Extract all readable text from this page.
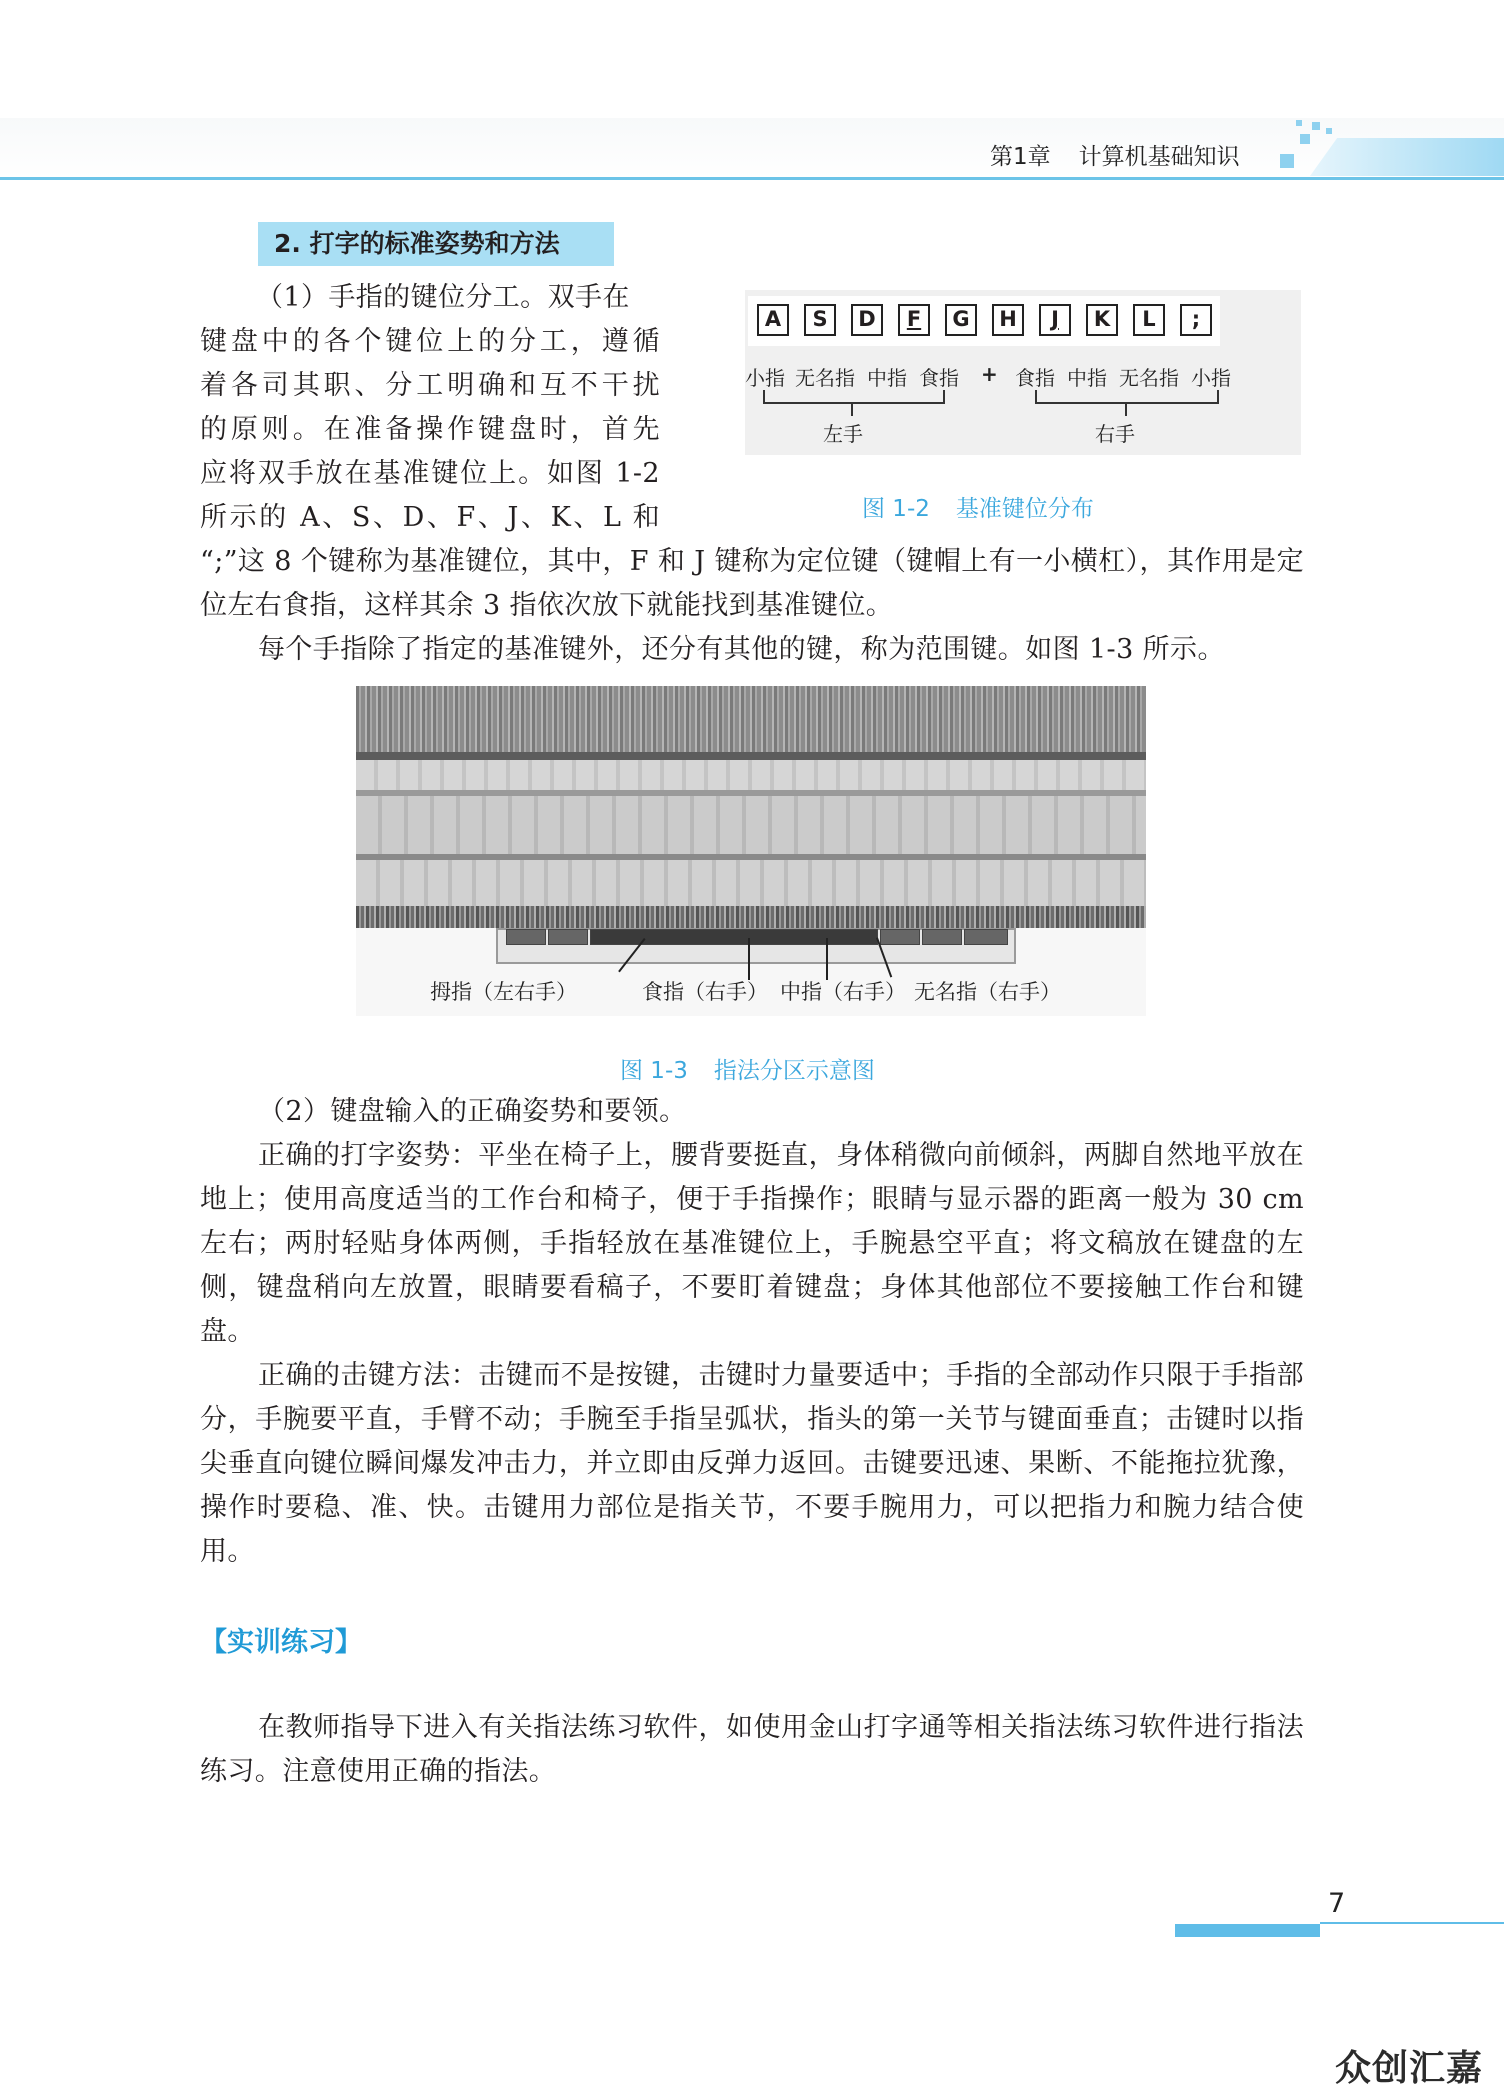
第1章 计算机基础知识
2. 打字的标准姿势和方法
（1）手指的键位分工。双手在
键盘中的各个键位上的分工，遵循
着各司其职、分工明确和互不干扰
的原则。在准备操作键盘时，首先
应将双手放在基准键位上。如图 1-2
所示的 A、S、D、F、J、K、L 和
A	S	D	F	G	H	J	K	L	;
小指 无名指 中指 食指 + 食指 中指 无名指 小指
左手	右手
图 1-2 基准键位分布
“;”这 8 个键称为基准键位，其中，F 和 J 键称为定位键（键帽上有一小横杠），其作用是定位左右食指，这样其余 3 指依次放下就能找到基准键位。
每个手指除了指定的基准键外，还分有其他的键，称为范围键。如图 1-3 所示。
拇指（左右手）	食指（右手） 中指（右手） 无名指（右手）
图 1-3 指法分区示意图
（2）键盘输入的正确姿势和要领。
正确的打字姿势：平坐在椅子上，腰背要挺直，身体稍微向前倾斜，两脚自然地平放在地上；使用高度适当的工作台和椅子，便于手指操作；眼睛与显示器的距离一般为 30 cm 左右；两肘轻贴身体两侧，手指轻放在基准键位上，手腕悬空平直；将文稿放在键盘的左侧，键盘稍向左放置，眼睛要看稿子，不要盯着键盘；身体其他部位不要接触工作台和键盘。
正确的击键方法：击键而不是按键，击键时力量要适中；手指的全部动作只限于手指部分，手腕要平直，手臂不动；手腕至手指呈弧状，指头的第一关节与键面垂直；击键时以指尖垂直向键位瞬间爆发冲击力，并立即由反弹力返回。击键要迅速、果断、不能拖拉犹豫，操作时要稳、准、快。击键用力部位是指关节，不要手腕用力，可以把指力和腕力结合使用。
【实训练习】
在教师指导下进入有关指法练习软件，如使用金山打字通等相关指法练习软件进行指法练习。注意使用正确的指法。
7
众创汇嘉
